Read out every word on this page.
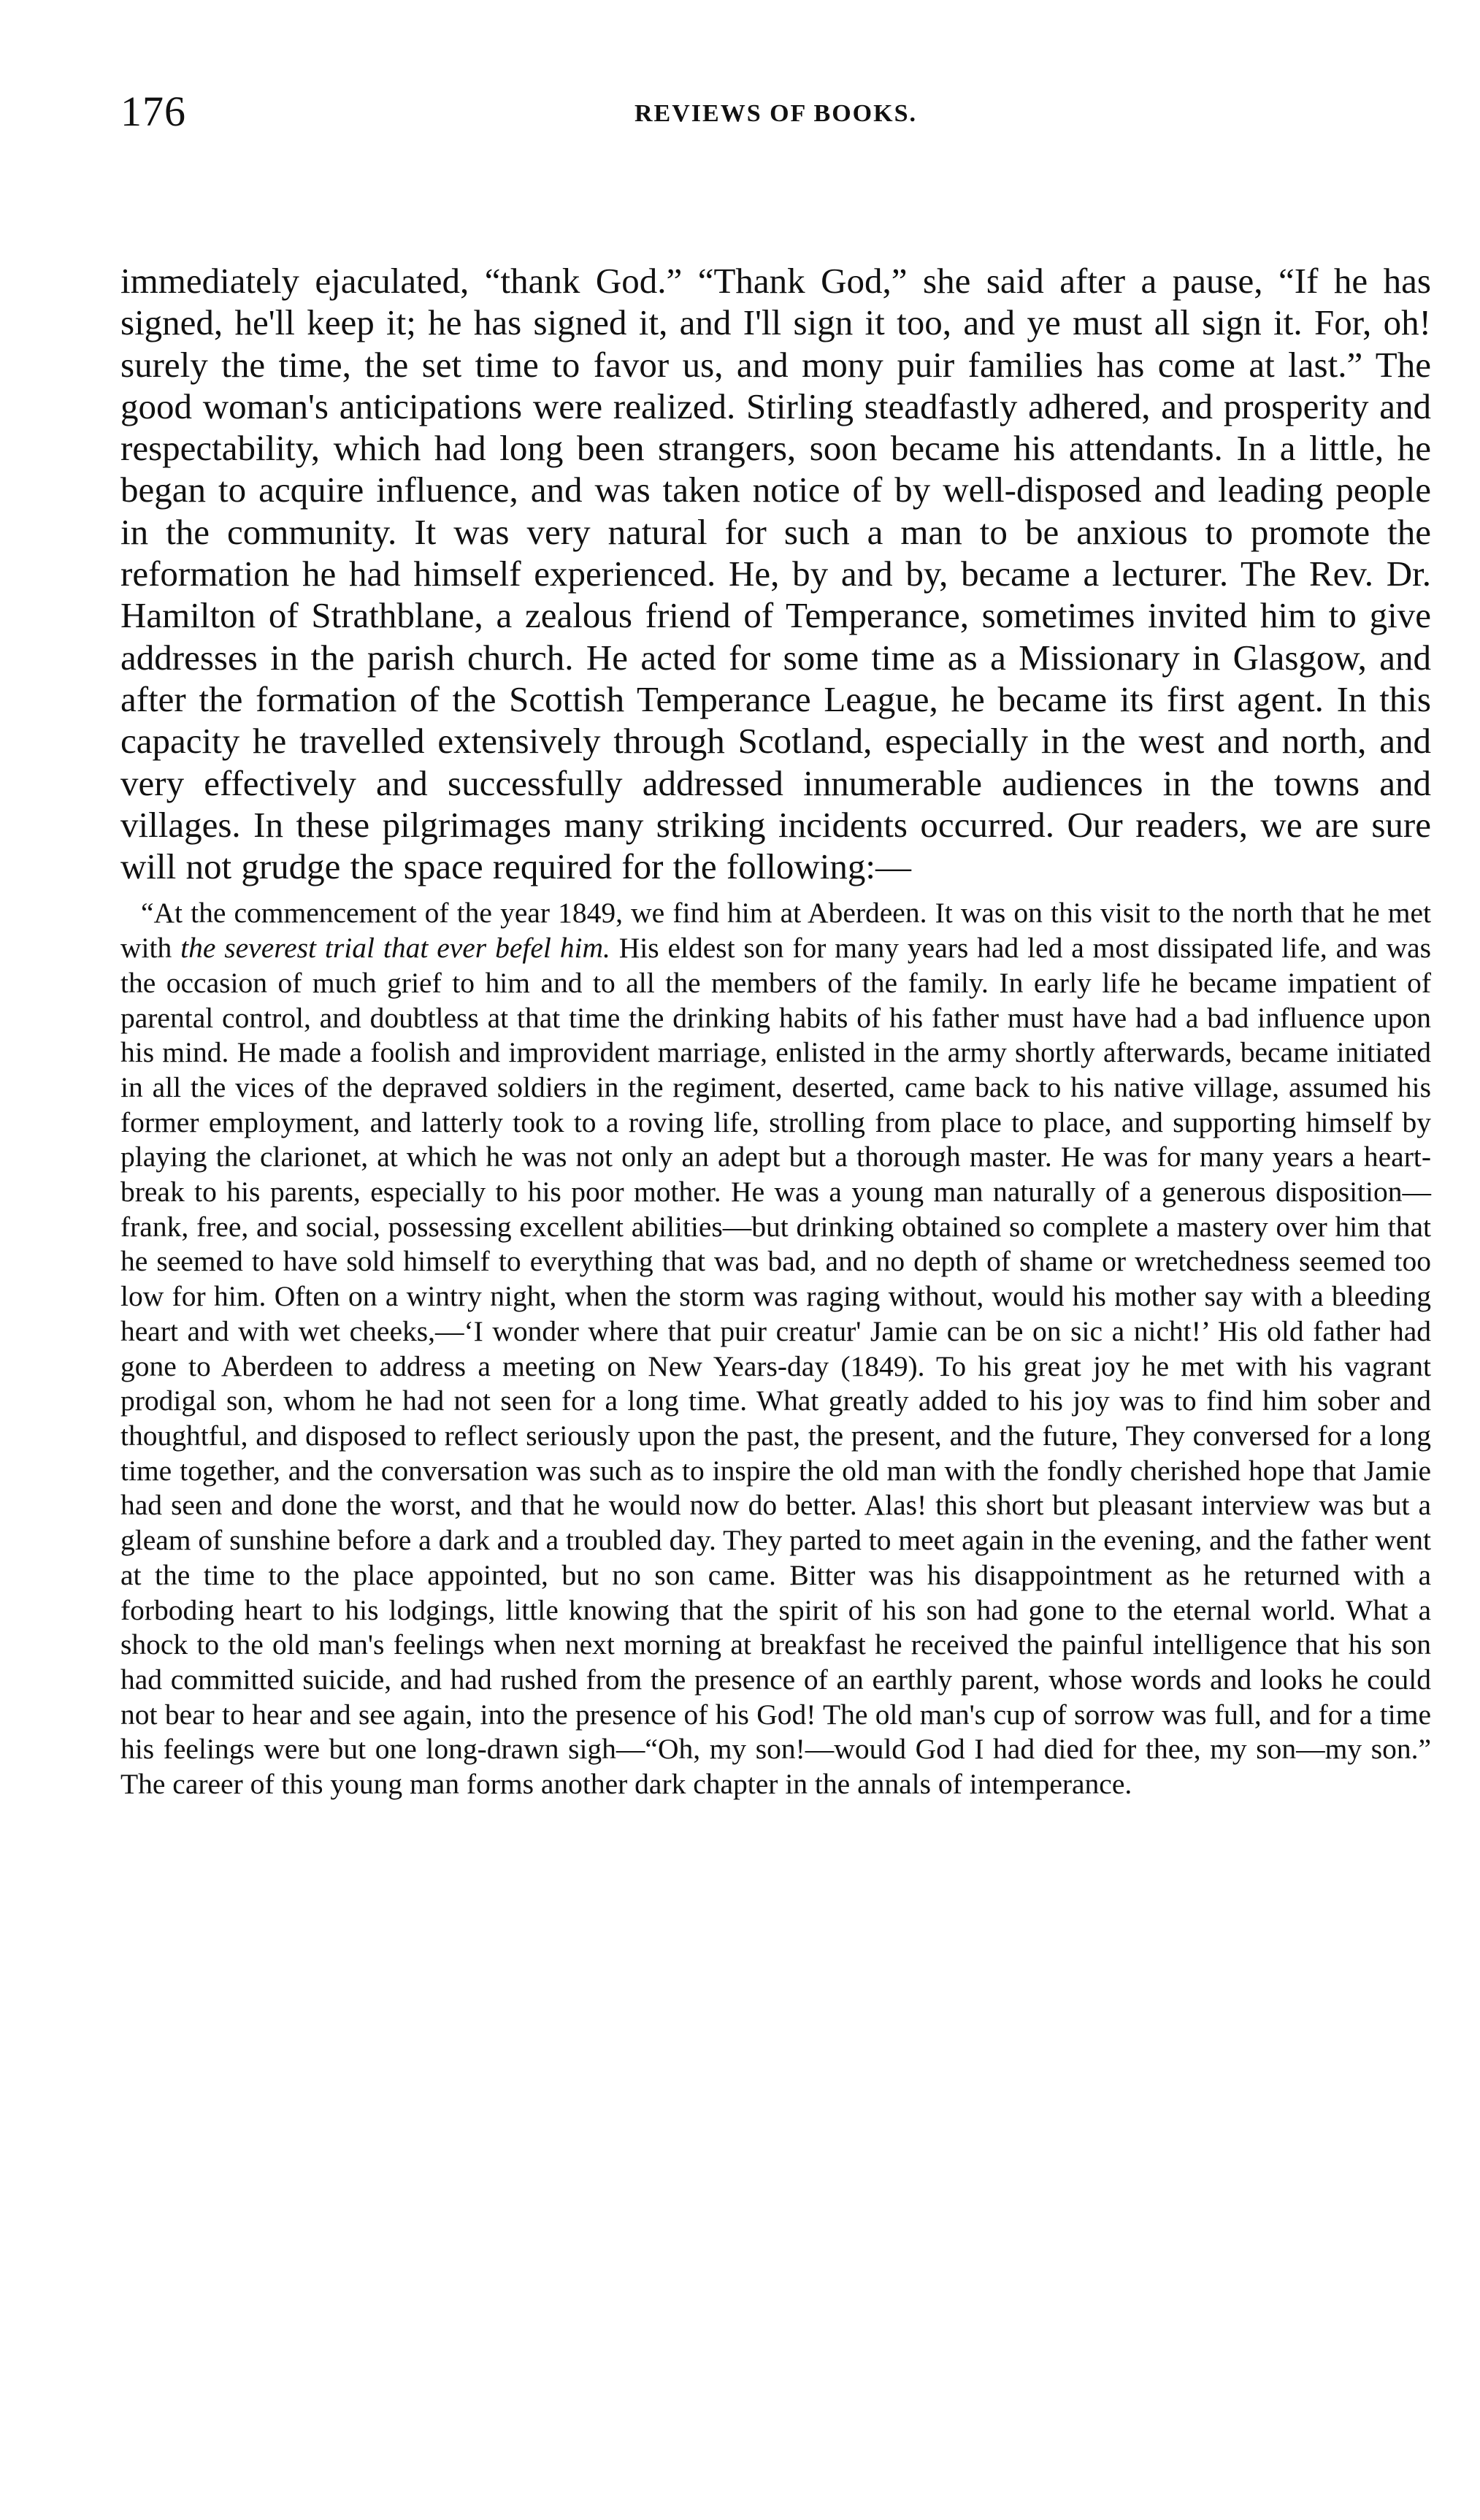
176	REVIEWS OF BOOKS.

immediately ejaculated, “thank God.” “Thank God,” she said after a pause, “If he has signed, he'll keep it; he has signed it, and I'll sign it too, and ye must all sign it. For, oh! surely the time, the set time to favor us, and mony puir families has come at last.” The good woman's anticipations were realized. Stirling steadfastly adhered, and prosperity and respectability, which had long been strangers, soon became his attendants. In a little, he began to acquire influence, and was taken notice of by well-disposed and leading people in the community. It was very natural for such a man to be anxious to promote the reformation he had himself experienced. He, by and by, became a lecturer. The Rev. Dr. Hamilton of Strathblane, a zealous friend of Temperance, sometimes invited him to give addresses in the parish church. He acted for some time as a Missionary in Glasgow, and after the formation of the Scottish Temperance League, he became its first agent. In this capacity he travelled extensively through Scotland, especially in the west and north, and very effectively and successfully addressed innumerable audiences in the towns and villages. In these pilgrimages many striking incidents occurred. Our readers, we are sure will not grudge the space required for the following:—

“At the commencement of the year 1849, we find him at Aberdeen. It was on this visit to the north that he met with the severest trial that ever befel him. His eldest son for many years had led a most dissipated life, and was the occasion of much grief to him and to all the members of the family. In early life he became impatient of parental control, and doubtless at that time the drinking habits of his father must have had a bad influence upon his mind. He made a foolish and improvident marriage, enlisted in the army shortly afterwards, became initiated in all the vices of the depraved soldiers in the regiment, deserted, came back to his native village, assumed his former employment, and latterly took to a roving life, strolling from place to place, and supporting himself by playing the clarionet, at which he was not only an adept but a thorough master. He was for many years a heart-break to his parents, especially to his poor mother. He was a young man naturally of a generous disposition—frank, free, and social, possessing excellent abilities—but drinking obtained so complete a mastery over him that he seemed to have sold himself to everything that was bad, and no depth of shame or wretchedness seemed too low for him. Often on a wintry night, when the storm was raging without, would his mother say with a bleeding heart and with wet cheeks,—‘I wonder where that puir creatur' Jamie can be on sic a nicht!’ His old father had gone to Aberdeen to address a meeting on New Years-day (1849). To his great joy he met with his vagrant prodigal son, whom he had not seen for a long time. What greatly added to his joy was to find him sober and thoughtful, and disposed to reflect seriously upon the past, the present, and the future, They conversed for a long time together, and the conversation was such as to inspire the old man with the fondly cherished hope that Jamie had seen and done the worst, and that he would now do better. Alas! this short but pleasant interview was but a gleam of sunshine before a dark and a troubled day. They parted to meet again in the evening, and the father went at the time to the place appointed, but no son came. Bitter was his disappointment as he returned with a forboding heart to his lodgings, little knowing that the spirit of his son had gone to the eternal world. What a shock to the old man's feelings when next morning at breakfast he received the painful intelligence that his son had committed suicide, and had rushed from the presence of an earthly parent, whose words and looks he could not bear to hear and see again, into the presence of his God! The old man's cup of sorrow was full, and for a time his feelings were but one long-drawn sigh—“Oh, my son!—would God I had died for thee, my son—my son.” The career of this young man forms another dark chapter in the annals of intemperance.
